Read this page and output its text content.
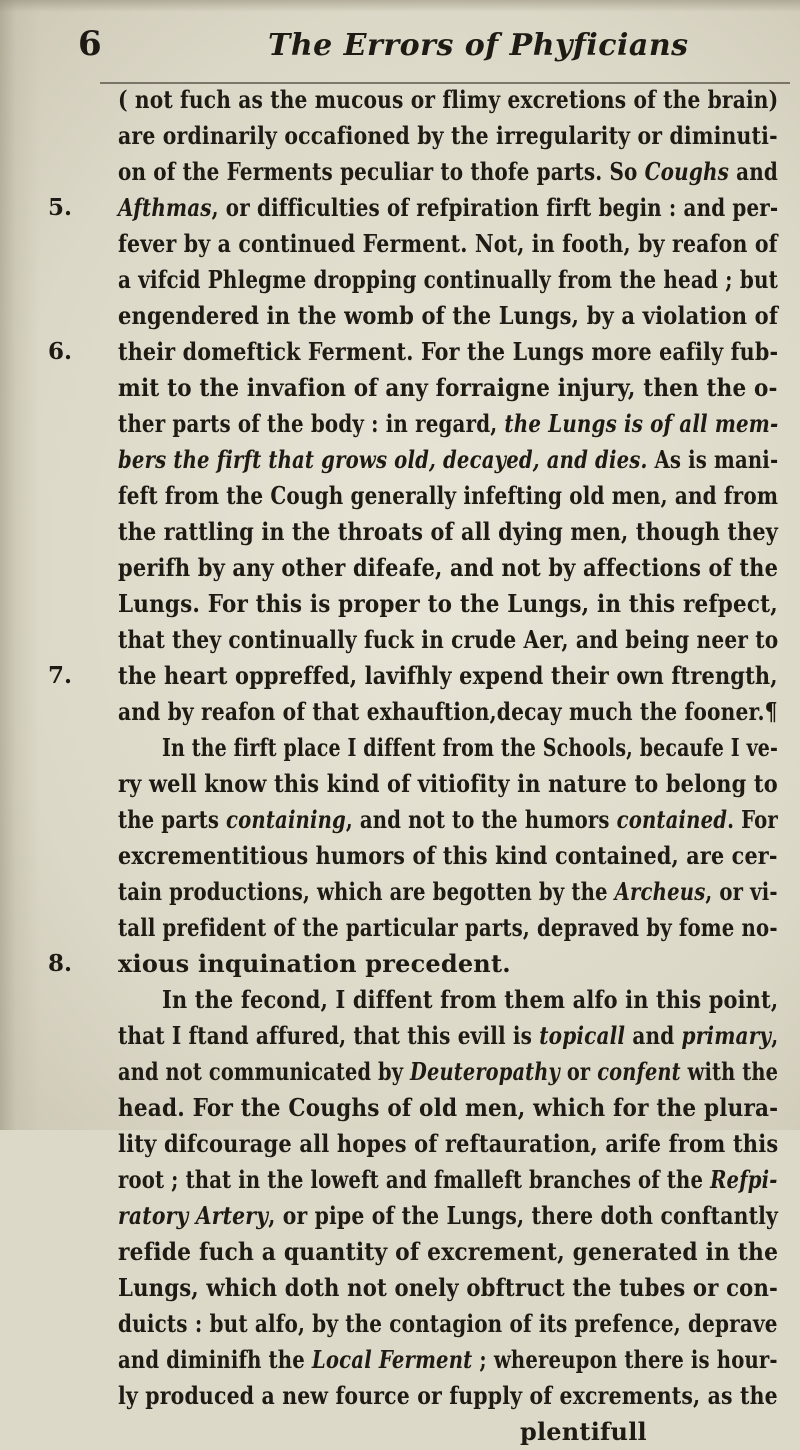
6	The Errors of Phyficians
5.
6.
7.
8.
( not fuch as the mucous or flimy excretions of the brain)
are ordinarily occafioned by the irregularity or diminuti-
on of the Ferments peculiar to thofe parts. So Coughs and
Afthmas, or difficulties of refpiration firft begin : and per-
fever by a continued Ferment. Not, in footh, by reafon of
a vifcid Phlegme dropping continually from the head ; but
engendered in the womb of the Lungs, by a violation of
their domeftick Ferment. For the Lungs more eafily fub-
mit to the invafion of any forraigne injury, then the o-
ther parts of the body : in regard, the Lungs is of all mem-
bers the firft that grows old, decayed, and dies. As is mani-
feft from the Cough generally infefting old men, and from
the rattling in the throats of all dying men, though they
perifh by any other difeafe, and not by affections of the
Lungs. For this is proper to the Lungs, in this refpect,
that they continually fuck in crude Aer, and being neer to
the heart oppreffed, lavifhly expend their own ftrength,
and by reafon of that exhauftion,decay much the fooner.¶
In the firft place I diffent from the Schools, becaufe I ve-
ry well know this kind of vitiofity in nature to belong to
the parts containing, and not to the humors contained. For
excrementitious humors of this kind contained, are cer-
tain productions, which are begotten by the Archeus, or vi-
tall prefident of the particular parts, depraved by fome no-
xious inquination precedent.
In the fecond, I diffent from them alfo in this point,
that I ftand affured, that this evill is topicall and primary,
and not communicated by Deuteropathy or confent with the
head. For the Coughs of old men, which for the plura-
lity difcourage all hopes of reftauration, arife from this
root ; that in the loweft and fmalleft branches of the Refpi-
ratory Artery, or pipe of the Lungs, there doth conftantly
refide fuch a quantity of excrement, generated in the
Lungs, which doth not onely obftruct the tubes or con-
duicts : but alfo, by the contagion of its prefence, deprave
and diminifh the Local Ferment ; whereupon there is hour-
ly produced a new fource or fupply of excrements, as the
plentifull
